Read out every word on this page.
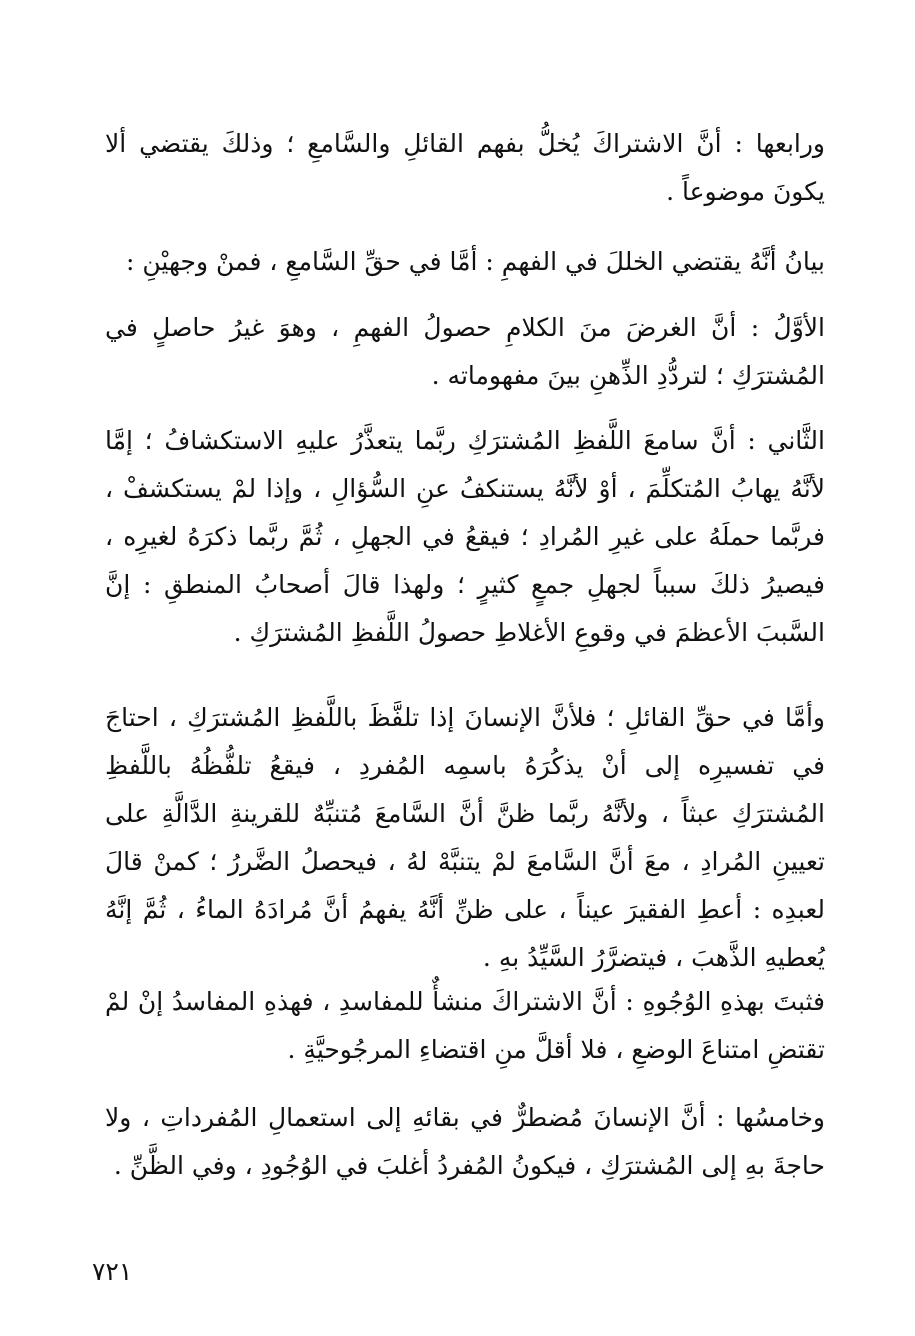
ورابعها : أنَّ الاشتراكَ يُخلُّ بفهم القائلِ والسَّامعِ ؛ وذلكَ يقتضي ألا يكونَ موضوعاً .

بيانُ أنَّهُ يقتضي الخللَ في الفهمِ : أمَّا في حقِّ السَّامعِ ، فمنْ وجهيْنِ :

الأوَّلُ : أنَّ الغرضَ منَ الكلامِ حصولُ الفهمِ ، وهوَ غيرُ حاصلٍ في المُشترَكِ ؛ لتردُّدِ الذِّهنِ بينَ مفهوماته .

الثَّاني : أنَّ سامعَ اللَّفظِ المُشترَكِ ربَّما يتعذَّرُ عليهِ الاستكشافُ ؛ إمَّا لأنَّهُ يهابُ المُتكلِّمَ ، أوْ لأنَّهُ يستنكفُ عنِ السُّؤالِ ، وإذا لمْ يستكشفْ ، فربَّما حملَهُ على غيرِ المُرادِ ؛ فيقعُ في الجهلِ ، ثُمَّ ربَّما ذكرَهُ لغيرِه ، فيصيرُ ذلكَ سبباً لجهلِ جمعٍ كثيرٍ ؛ ولهذا قالَ أصحابُ المنطقِ : إنَّ السَّببَ الأعظمَ في وقوعِ الأغلاطِ حصولُ اللَّفظِ المُشترَكِ .

وأمَّا في حقِّ القائلِ ؛ فلأنَّ الإنسانَ إذا تلفَّظَ باللَّفظِ المُشترَكِ ، احتاجَ في تفسيرِه إلى أنْ يذكُرَهُ باسمِه المُفردِ ، فيقعُ تلفُّظُهُ باللَّفظِ المُشترَكِ عبثاً ، ولأنَّهُ ربَّما ظنَّ أنَّ السَّامعَ مُتنبِّهٌ للقرينةِ الدَّالَّةِ على تعيينِ المُرادِ ، معَ أنَّ السَّامعَ لمْ يتنبَّهْ لهُ ، فيحصلُ الضَّررُ ؛ كمنْ قالَ لعبدِه : أعطِ الفقيرَ عيناً ، على ظنِّ أنَّهُ يفهمُ أنَّ مُرادَهُ الماءُ ، ثُمَّ إنَّهُ يُعطيهِ الذَّهبَ ، فيتضرَّرُ السَّيِّدُ بهِ .

فثبتَ بهذهِ الوُجُوهِ : أنَّ الاشتراكَ منشأٌ للمفاسدِ ، فهذهِ المفاسدُ إنْ لمْ تقتضِ امتناعَ الوضعِ ، فلا أقلَّ منِ اقتضاءِ المرجُوحيَّةِ .

وخامسُها : أنَّ الإنسانَ مُضطرٌّ في بقائهِ إلى استعمالِ المُفرداتِ ، ولا حاجةَ بهِ إلى المُشترَكِ ، فيكونُ المُفردُ أغلبَ في الوُجُودِ ، وفي الظَّنِّ .

٧٢١
